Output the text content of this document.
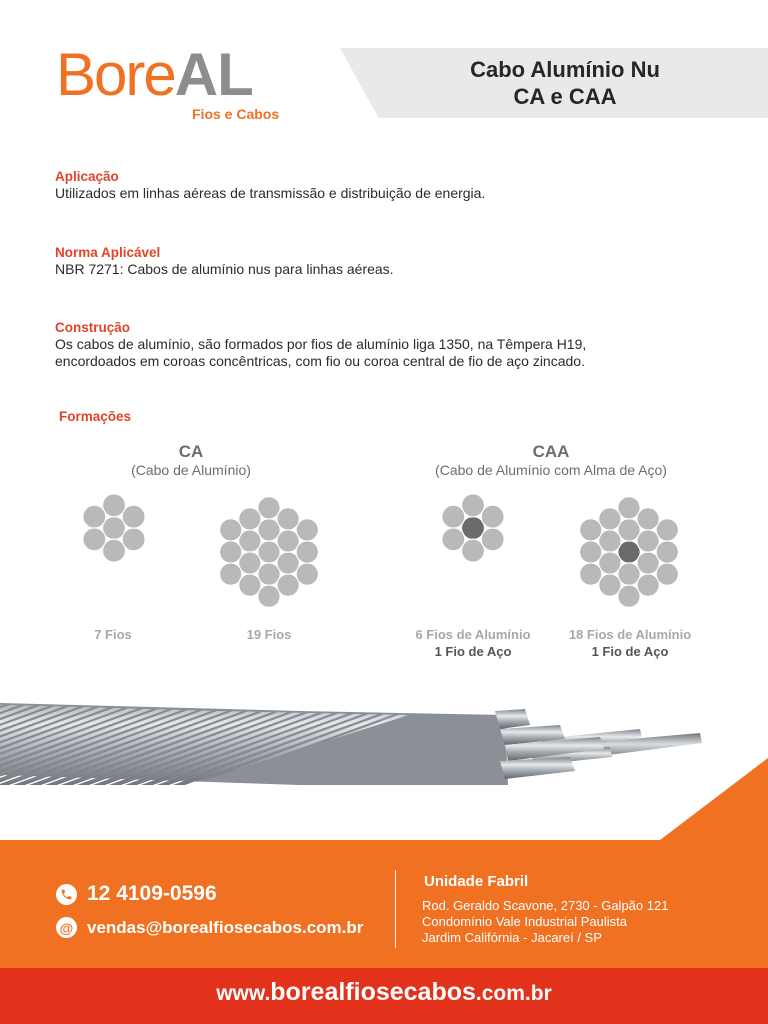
BoreAL
Fios e Cabos
Cabo Alumínio Nu
CA e CAA
Aplicação

Utilizados em linhas aéreas de transmissão e distribuição de energia.

Norma Aplicável

NBR 7271: Cabos de alumínio nus para linhas aéreas.

Construção

Os cabos de alumínio, são formados por fios de alumínio liga 1350, na Têmpera H19,

encordoados em coroas concêntricas, com fio ou coroa central de fio de aço zincado.

Formações
CA
(Cabo de Alumínio)
CAA
(Cabo de Alumínio com Alma de Aço)
7 Fios	19 Fios	6 Fios de Alumínio
1 Fio de Aço
18 Fios de Alumínio
1 Fio de Aço
12 4109-0596
@ vendas@borealfiosecabos.com.br
Unidade Fabril
Rod. Geraldo Scavone, 2730 - Galpão 121
Condomínio Vale Industrial Paulista
Jardim Califórnia - Jacareí / SP
www.borealfiosecabos.com.br
